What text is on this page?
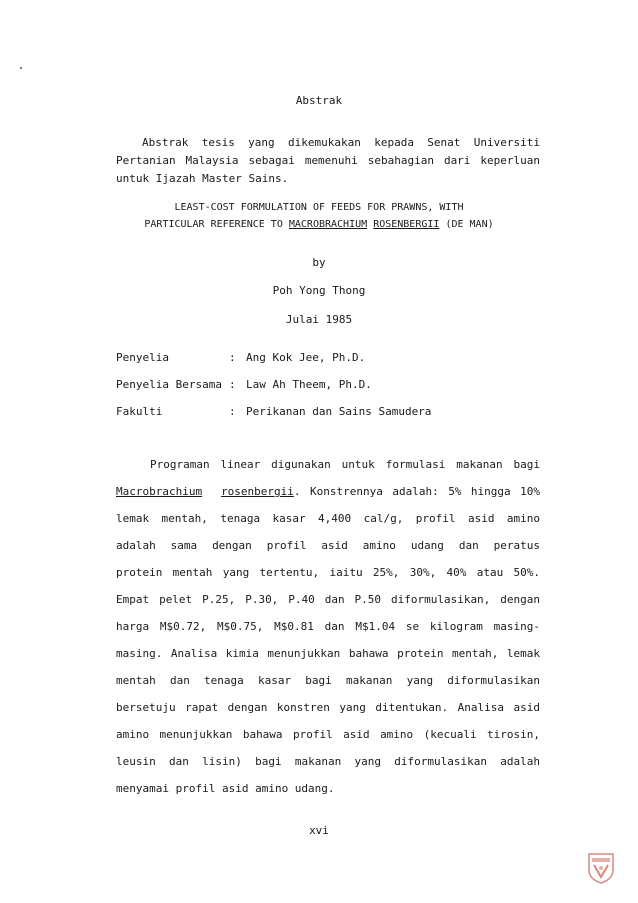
Abstrak
Abstrak tesis yang dikemukakan kepada Senat Universiti
Pertanian Malaysia sebagai memenuhi sebahagian dari keperluan
untuk Ijazah Master Sains.
LEAST-COST FORMULATION OF FEEDS FOR PRAWNS, WITH
PARTICULAR REFERENCE TO MACROBRACHIUM ROSENBERGII (DE MAN)
by
Poh Yong Thong
Julai 1985
Penyelia	: Ang Kok Jee, Ph.D.
Penyelia Bersama : Law Ah Theem, Ph.D.
Fakulti	: Perikanan dan Sains Samudera
Programan linear digunakan untuk formulasi makanan bagi
Macrobrachium rosenbergii. Konstrennya adalah: 5% hingga 10%
lemak mentah, tenaga kasar 4,400 cal/g, profil asid amino
adalah sama dengan profil asid amino udang dan peratus
protein mentah yang tertentu, iaitu 25%, 30%, 40% atau 50%.
Empat pelet P.25, P.30, P.40 dan P.50 diformulasikan, dengan
harga M$0.72, M$0.75, M$0.81 dan M$1.04 se kilogram masing-
masing. Analisa kimia menunjukkan bahawa protein mentah, lemak
mentah dan tenaga kasar bagi makanan yang diformulasikan
bersetuju rapat dengan konstren yang ditentukan. Analisa asid
amino menunjukkan bahawa profil asid amino (kecuali tirosin,
leusin dan lisin) bagi makanan yang diformulasikan adalah
menyamai profil asid amino udang.
xvi
